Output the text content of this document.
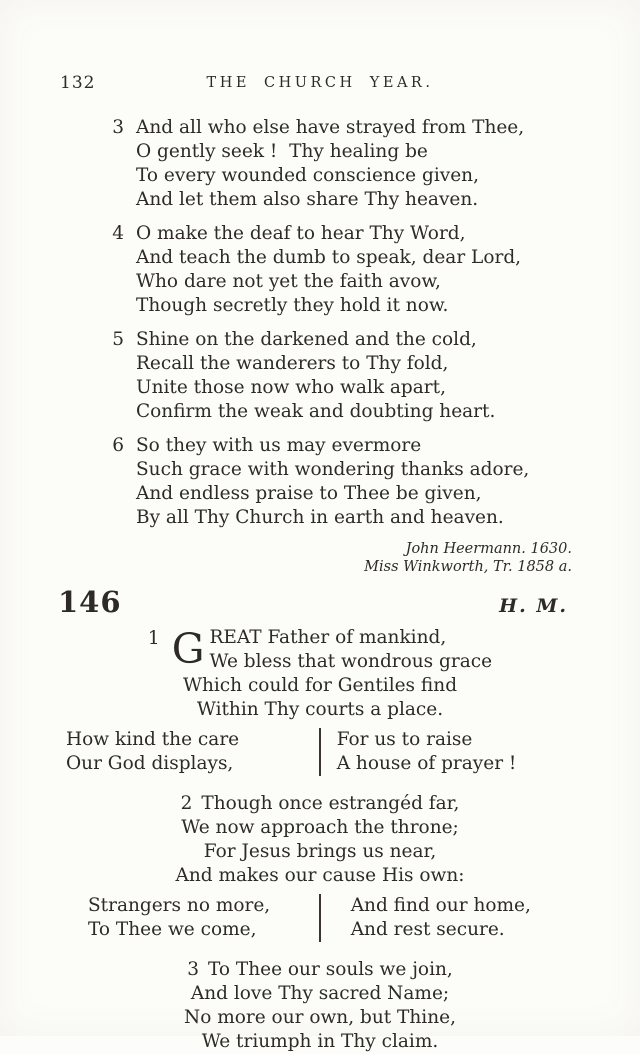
132	THE CHURCH YEAR.
3 And all who else have strayed from Thee,
O gently seek !  Thy healing be
To every wounded conscience given,
And let them also share Thy heaven.
4 O make the deaf to hear Thy Word,
And teach the dumb to speak, dear Lord,
Who dare not yet the faith avow,
Though secretly they hold it now.
5 Shine on the darkened and the cold,
Recall the wanderers to Thy fold,
Unite those now who walk apart,
Confirm the weak and doubting heart.
6 So they with us may evermore
Such grace with wondering thanks adore,
And endless praise to Thee be given,
By all Thy Church in earth and heaven.
John Heermann. 1630.
Miss Winkworth, Tr. 1858 a.
146	H. M.
1 G REAT Father of mankind,
We bless that wondrous grace
Which could for Gentiles find
Within Thy courts a place.
How kind the care
Our God displays,
For us to raise
A house of prayer !
2 Though once estrangéd far,
We now approach the throne;
For Jesus brings us near,
And makes our cause His own:
Strangers no more,
To Thee we come,
And find our home,
And rest secure.
3 To Thee our souls we join,
And love Thy sacred Name;
No more our own, but Thine,
We triumph in Thy claim.
